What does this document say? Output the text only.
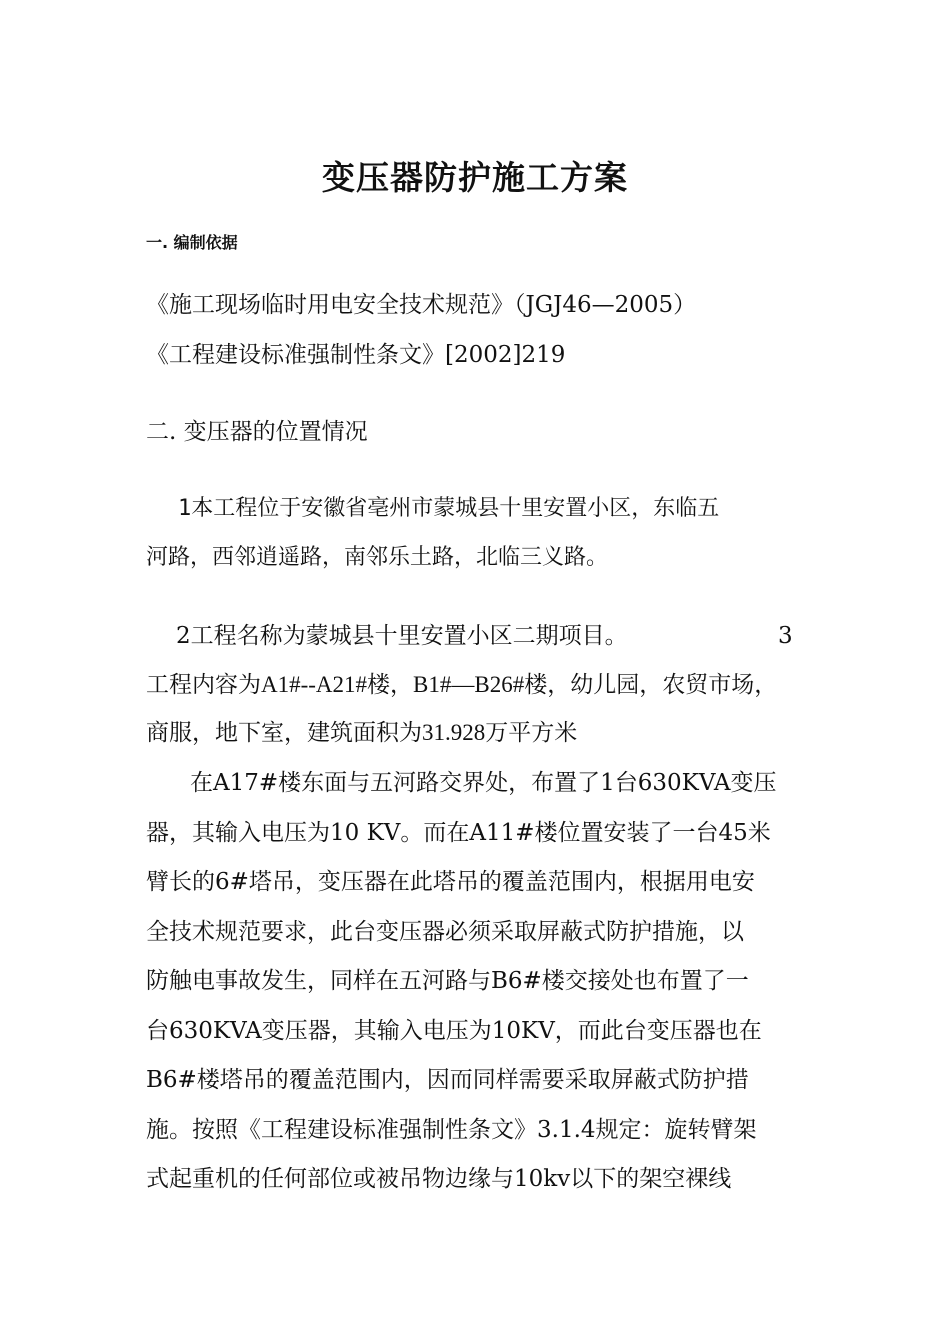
变压器防护施工方案
一. 编制依据
《施工现场临时用电安全技术规范》（JGJ46—2005）
《工程建设标准强制性条文》[2002]219
二. 变压器的位置情况
1本工程位于安徽省亳州市蒙城县十里安置小区，东临五
河路，西邻逍遥路，南邻乐土路，北临三义路。
2工程名称为蒙城县十里安置小区二期项目。	3
工程内容为A1#--A21#楼，B1#—B26#楼，幼儿园，农贸市场，
商服，地下室，建筑面积为31.928万平方米
在A17#楼东面与五河路交界处，布置了1台630KVA变压
器，其输入电压为10 KV。而在A11#楼位置安装了一台45米
臂长的6#塔吊，变压器在此塔吊的覆盖范围内，根据用电安
全技术规范要求，此台变压器必须采取屏蔽式防护措施，以
防触电事故发生，同样在五河路与B6#楼交接处也布置了一
台630KVA变压器，其输入电压为10KV，而此台变压器也在
B6#楼塔吊的覆盖范围内，因而同样需要采取屏蔽式防护措
施。按照《工程建设标准强制性条文》3.1.4规定：旋转臂架
式起重机的任何部位或被吊物边缘与10kv以下的架空裸线
